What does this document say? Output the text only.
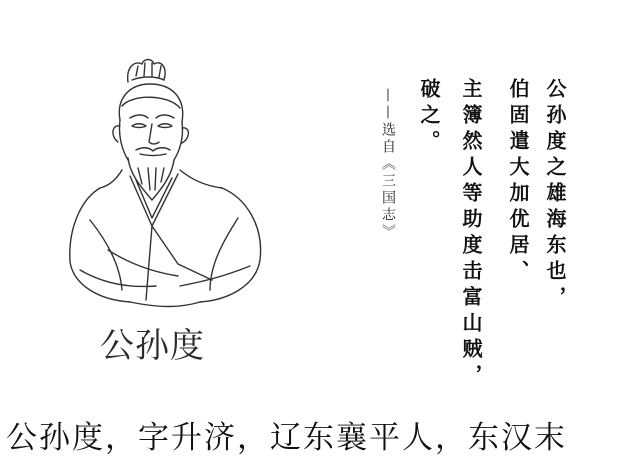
公孙度
公孙度之雄海东也，
伯固遣大加优居、
主簿然人等助度击富山贼，
破之。
——选自《三国志》
公孙度，字升济，辽东襄平人，东汉末
